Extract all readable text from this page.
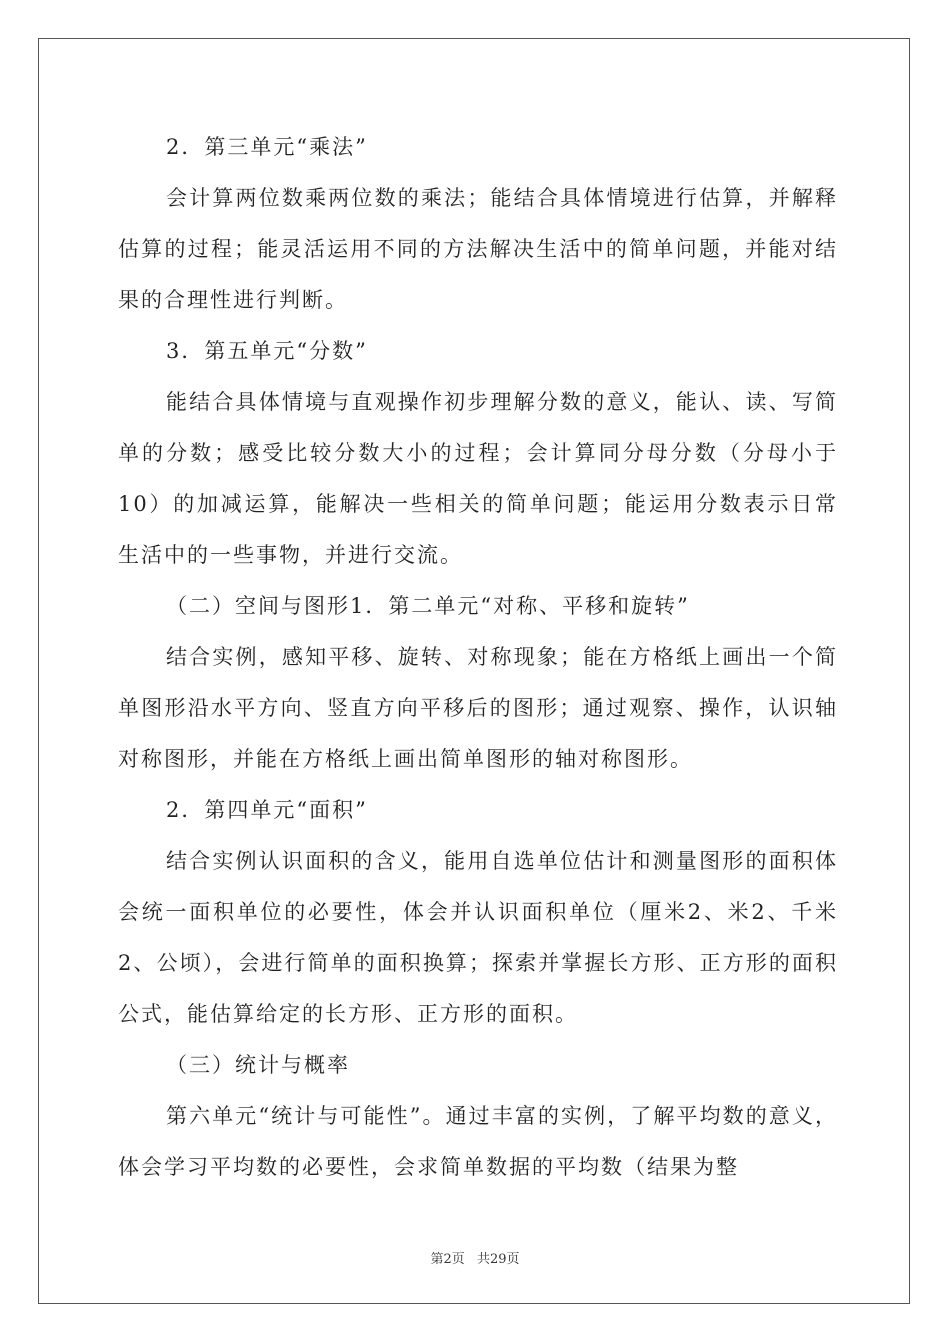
2．第三单元“乘法”

会计算两位数乘两位数的乘法；能结合具体情境进行估算，并解释估算的过程；能灵活运用不同的方法解决生活中的简单问题，并能对结果的合理性进行判断。

3．第五单元“分数”

能结合具体情境与直观操作初步理解分数的意义，能认、读、写简单的分数；感受比较分数大小的过程；会计算同分母分数（分母小于10）的加减运算，能解决一些相关的简单问题；能运用分数表示日常生活中的一些事物，并进行交流。

（二）空间与图形1．第二单元“对称、平移和旋转”

结合实例，感知平移、旋转、对称现象；能在方格纸上画出一个简单图形沿水平方向、竖直方向平移后的图形；通过观察、操作，认识轴对称图形，并能在方格纸上画出简单图形的轴对称图形。

2．第四单元“面积”

结合实例认识面积的含义，能用自选单位估计和测量图形的面积体会统一面积单位的必要性，体会并认识面积单位（厘米2、米2、千米2、公顷），会进行简单的面积换算；探索并掌握长方形、正方形的面积公式，能估算给定的长方形、正方形的面积。

（三）统计与概率

第六单元“统计与可能性”。通过丰富的实例，了解平均数的意义，体会学习平均数的必要性，会求简单数据的平均数（结果为整

第2页 共29页
